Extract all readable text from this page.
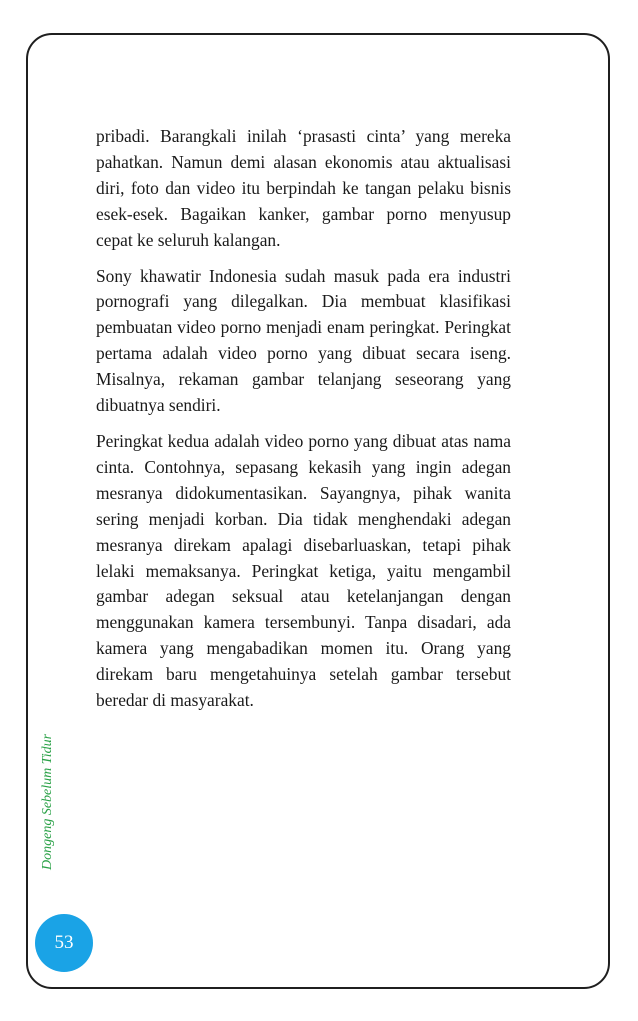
pribadi. Barangkali inilah ‘prasasti cinta’ yang mereka pahatkan. Namun demi alasan ekonomis atau aktualisasi diri, foto dan video itu berpindah ke tangan pelaku bisnis esek-esek. Bagaikan kanker, gambar porno menyusup cepat ke seluruh kalangan.

Sony khawatir Indonesia sudah masuk pada era industri pornografi yang dilegalkan. Dia membuat klasifikasi pembuatan video porno menjadi enam peringkat. Peringkat pertama adalah video porno yang dibuat secara iseng. Misalnya, rekaman gambar telanjang seseorang yang dibuatnya sendiri.

Peringkat kedua adalah video porno yang dibuat atas nama cinta. Contohnya, sepasang kekasih yang ingin adegan mesranya didokumentasikan. Sayangnya, pihak wanita sering menjadi korban. Dia tidak menghendaki adegan mesranya direkam apalagi disebarluaskan, tetapi pihak lelaki memaksanya. Peringkat ketiga, yaitu mengambil gambar adegan seksual atau ketelanjangan dengan menggunakan kamera tersembunyi. Tanpa disadari, ada kamera yang mengabadikan momen itu. Orang yang direkam baru mengetahuinya setelah gambar tersebut beredar di masyarakat.

Dongeng Sebelum Tidur
53
